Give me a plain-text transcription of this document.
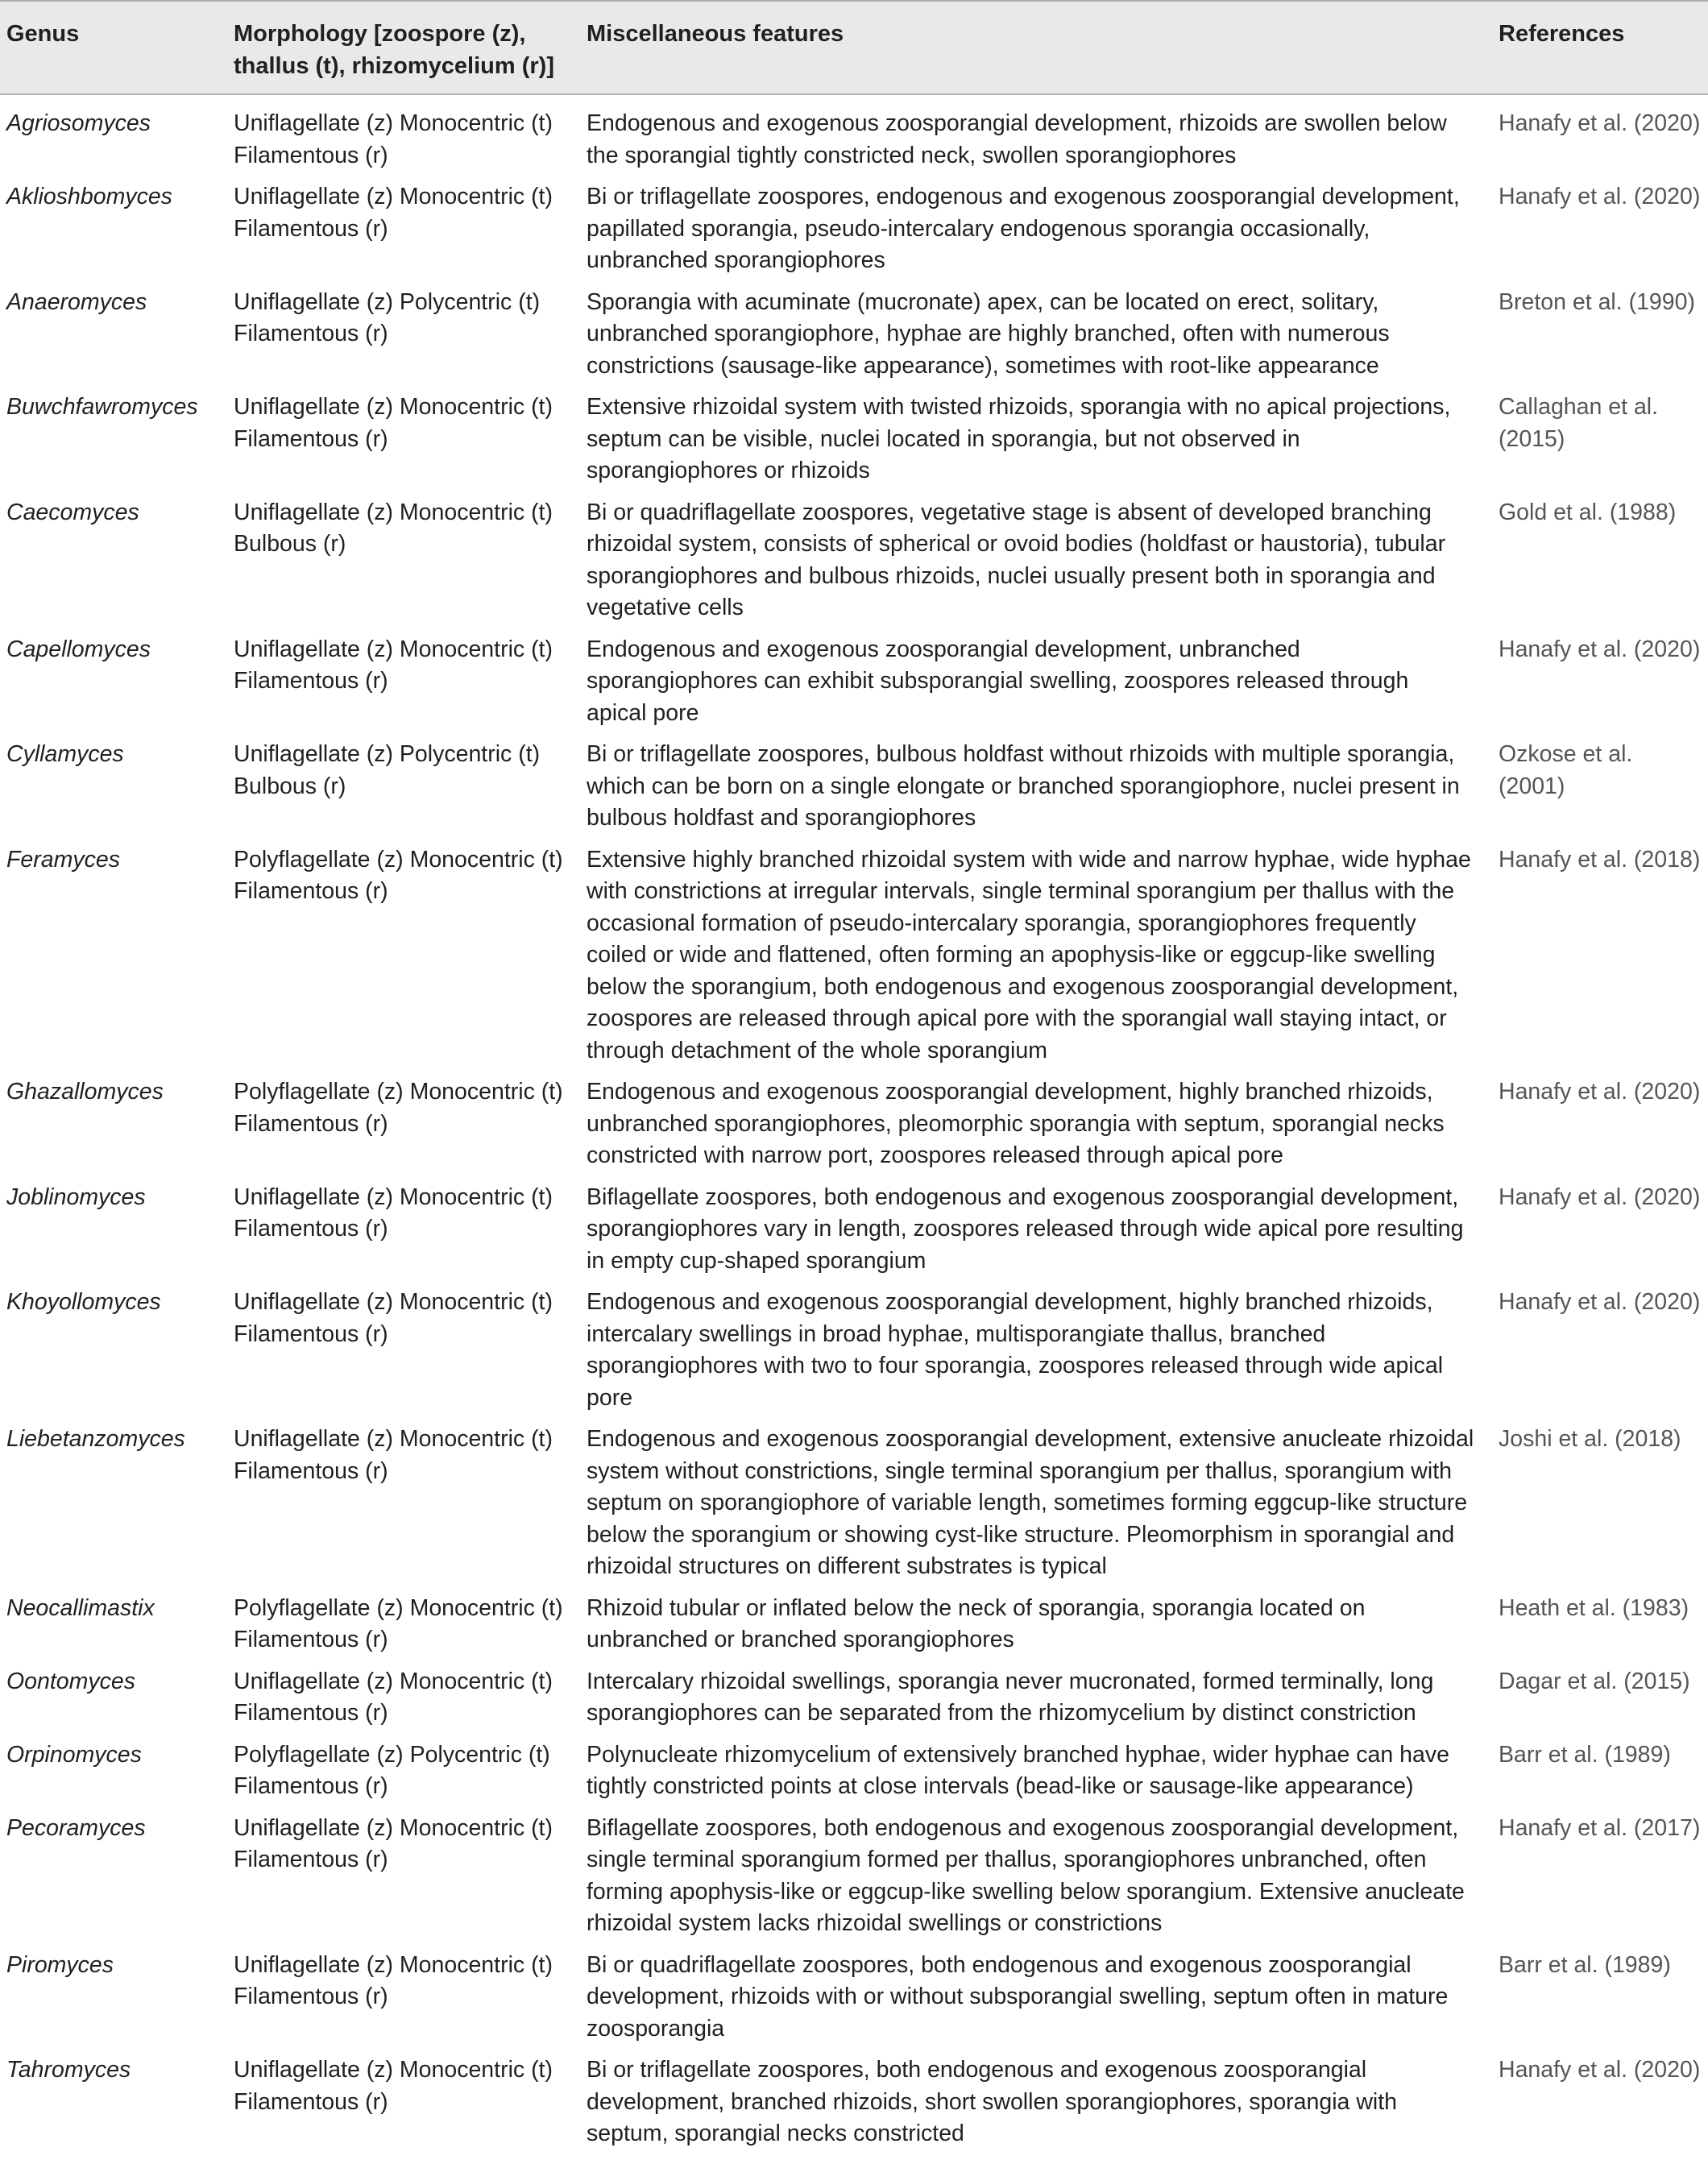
Genus	Morphology [zoospore (z), thallus (t), rhizomycelium (r)]	Miscellaneous features	References
Agriosomyces	Uniflagellate (z) Monocentric (t) Filamentous (r)	Endogenous and exogenous zoosporangial development, rhizoids are swollen below the sporangial tightly constricted neck, swollen sporangiophores	Hanafy et al. (2020)
Aklioshbomyces	Uniflagellate (z) Monocentric (t) Filamentous (r)	Bi or triflagellate zoospores, endogenous and exogenous zoosporangial development, papillated sporangia, pseudo-intercalary endogenous sporangia occasionally, unbranched sporangiophores	Hanafy et al. (2020)
Anaeromyces	Uniflagellate (z) Polycentric (t) Filamentous (r)	Sporangia with acuminate (mucronate) apex, can be located on erect, solitary, unbranched sporangiophore, hyphae are highly branched, often with numerous constrictions (sausage-like appearance), sometimes with root-like appearance	Breton et al. (1990)
Buwchfawromyces	Uniflagellate (z) Monocentric (t) Filamentous (r)	Extensive rhizoidal system with twisted rhizoids, sporangia with no apical projections, septum can be visible, nuclei located in sporangia, but not observed in sporangiophores or rhizoids	Callaghan et al. (2015)
Caecomyces	Uniflagellate (z) Monocentric (t) Bulbous (r)	Bi or quadriflagellate zoospores, vegetative stage is absent of developed branching rhizoidal system, consists of spherical or ovoid bodies (holdfast or haustoria), tubular sporangiophores and bulbous rhizoids, nuclei usually present both in sporangia and vegetative cells	Gold et al. (1988)
Capellomyces	Uniflagellate (z) Monocentric (t) Filamentous (r)	Endogenous and exogenous zoosporangial development, unbranched sporangiophores can exhibit subsporangial swelling, zoospores released through apical pore	Hanafy et al. (2020)
Cyllamyces	Uniflagellate (z) Polycentric (t) Bulbous (r)	Bi or triflagellate zoospores, bulbous holdfast without rhizoids with multiple sporangia, which can be born on a single elongate or branched sporangiophore, nuclei present in bulbous holdfast and sporangiophores	Ozkose et al. (2001)
Feramyces	Polyflagellate (z) Monocentric (t) Filamentous (r)	Extensive highly branched rhizoidal system with wide and narrow hyphae, wide hyphae with constrictions at irregular intervals, single terminal sporangium per thallus with the occasional formation of pseudo-intercalary sporangia, sporangiophores frequently coiled or wide and flattened, often forming an apophysis-like or eggcup-like swelling below the sporangium, both endogenous and exogenous zoosporangial development, zoospores are released through apical pore with the sporangial wall staying intact, or through detachment of the whole sporangium	Hanafy et al. (2018)
Ghazallomyces	Polyflagellate (z) Monocentric (t) Filamentous (r)	Endogenous and exogenous zoosporangial development, highly branched rhizoids, unbranched sporangiophores, pleomorphic sporangia with septum, sporangial necks constricted with narrow port, zoospores released through apical pore	Hanafy et al. (2020)
Joblinomyces	Uniflagellate (z) Monocentric (t) Filamentous (r)	Biflagellate zoospores, both endogenous and exogenous zoosporangial development, sporangiophores vary in length, zoospores released through wide apical pore resulting in empty cup-shaped sporangium	Hanafy et al. (2020)
Khoyollomyces	Uniflagellate (z) Monocentric (t) Filamentous (r)	Endogenous and exogenous zoosporangial development, highly branched rhizoids, intercalary swellings in broad hyphae, multisporangiate thallus, branched sporangiophores with two to four sporangia, zoospores released through wide apical pore	Hanafy et al. (2020)
Liebetanzomyces	Uniflagellate (z) Monocentric (t) Filamentous (r)	Endogenous and exogenous zoosporangial development, extensive anucleate rhizoidal system without constrictions, single terminal sporangium per thallus, sporangium with septum on sporangiophore of variable length, sometimes forming eggcup-like structure below the sporangium or showing cyst-like structure. Pleomorphism in sporangial and rhizoidal structures on different substrates is typical	Joshi et al. (2018)
Neocallimastix	Polyflagellate (z) Monocentric (t) Filamentous (r)	Rhizoid tubular or inflated below the neck of sporangia, sporangia located on unbranched or branched sporangiophores	Heath et al. (1983)
Oontomyces	Uniflagellate (z) Monocentric (t) Filamentous (r)	Intercalary rhizoidal swellings, sporangia never mucronated, formed terminally, long sporangiophores can be separated from the rhizomycelium by distinct constriction	Dagar et al. (2015)
Orpinomyces	Polyflagellate (z) Polycentric (t) Filamentous (r)	Polynucleate rhizomycelium of extensively branched hyphae, wider hyphae can have tightly constricted points at close intervals (bead-like or sausage-like appearance)	Barr et al. (1989)
Pecoramyces	Uniflagellate (z) Monocentric (t) Filamentous (r)	Biflagellate zoospores, both endogenous and exogenous zoosporangial development, single terminal sporangium formed per thallus, sporangiophores unbranched, often forming apophysis-like or eggcup-like swelling below sporangium. Extensive anucleate rhizoidal system lacks rhizoidal swellings or constrictions	Hanafy et al. (2017)
Piromyces	Uniflagellate (z) Monocentric (t) Filamentous (r)	Bi or quadriflagellate zoospores, both endogenous and exogenous zoosporangial development, rhizoids with or without subsporangial swelling, septum often in mature zoosporangia	Barr et al. (1989)
Tahromyces	Uniflagellate (z) Monocentric (t) Filamentous (r)	Bi or triflagellate zoospores, both endogenous and exogenous zoosporangial development, branched rhizoids, short swollen sporangiophores, sporangia with septum, sporangial necks constricted	Hanafy et al. (2020)
